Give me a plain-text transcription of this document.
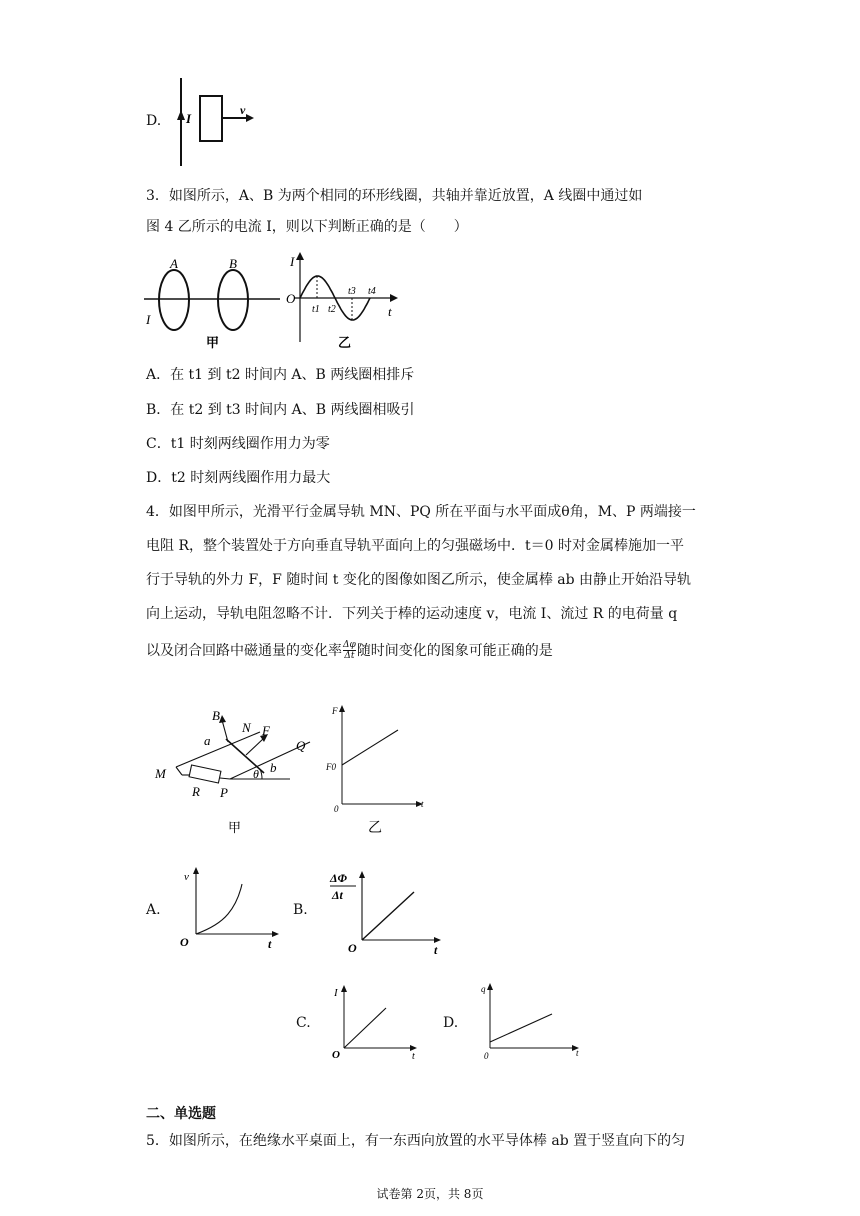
D. I
v
3．如图所示，A、B 为两个相同的环形线圈，共轴并靠近放置，A 线圈中通过如
图 4 乙所示的电流 I，则以下判断正确的是（　　）
A	B
I
甲
I
O
t
t1 t2
t3 t4
乙
A．在 t1 到 t2 时间内 A、B 两线圈相排斥
B．在 t2 到 t3 时间内 A、B 两线圈相吸引
C．t1 时刻两线圈作用力为零
D．t2 时刻两线圈作用力最大
4．如图甲所示，光滑平行金属导轨 MN、PQ 所在平面与水平面成θ角，M、P 两端接一
电阻 R，整个装置处于方向垂直导轨平面向上的匀强磁场中．t＝0 时对金属棒施加一平
行于导轨的外力 F，F 随时间 t 变化的图像如图乙所示，使金属棒 ab 由静止开始沿导轨
向上运动，导轨电阻忽略不计．下列关于棒的运动速度 v，电流 I、流过 R 的电荷量 q
以及闭合回路中磁通量的变化率 $\frac{\Delta\varphi}{\Delta t}$ 随时间变化的图象可能正确的是
B
N F
Q
a
b
M
R P
θ
甲
F
F0
0	t
乙
A.
v
O	t
B.
ΔΦ
Δt
O	t
C.
I
O	t
D.
q
0	t
二、单选题
5．如图所示，在绝缘水平桌面上，有一东西向放置的水平导体棒 ab 置于竖直向下的匀
试卷第 2页，共 8页
